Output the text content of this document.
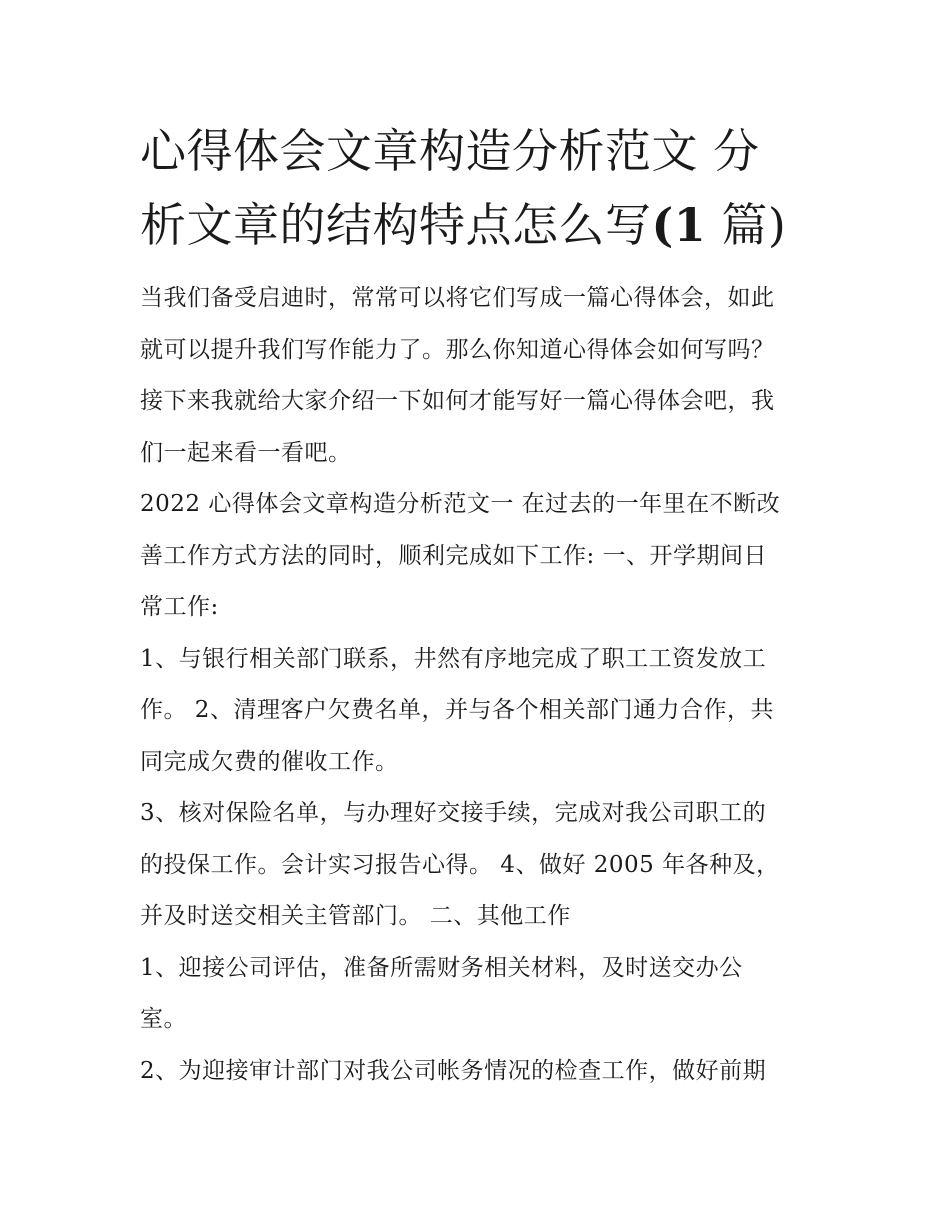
心得体会文章构造分析范文 分
析文章的结构特点怎么写(1 篇)
当我们备受启迪时，常常可以将它们写成一篇心得体会，如此
就可以提升我们写作能力了。那么你知道心得体会如何写吗？
接下来我就给大家介绍一下如何才能写好一篇心得体会吧，我
们一起来看一看吧。
2022 心得体会文章构造分析范文一 在过去的一年里在不断改
善工作方式方法的同时，顺利完成如下工作: 一、开学期间日
常工作:
1、与银行相关部门联系，井然有序地完成了职工工资发放工
作。 2、清理客户欠费名单，并与各个相关部门通力合作，共
同完成欠费的催收工作。
3、核对保险名单，与办理好交接手续，完成对我公司职工的
的投保工作。会计实习报告心得。 4、做好 2005 年各种及，
并及时送交相关主管部门。 二、其他工作
1、迎接公司评估，准备所需财务相关材料，及时送交办公
室。
2、为迎接审计部门对我公司帐务情况的检查工作，做好前期
